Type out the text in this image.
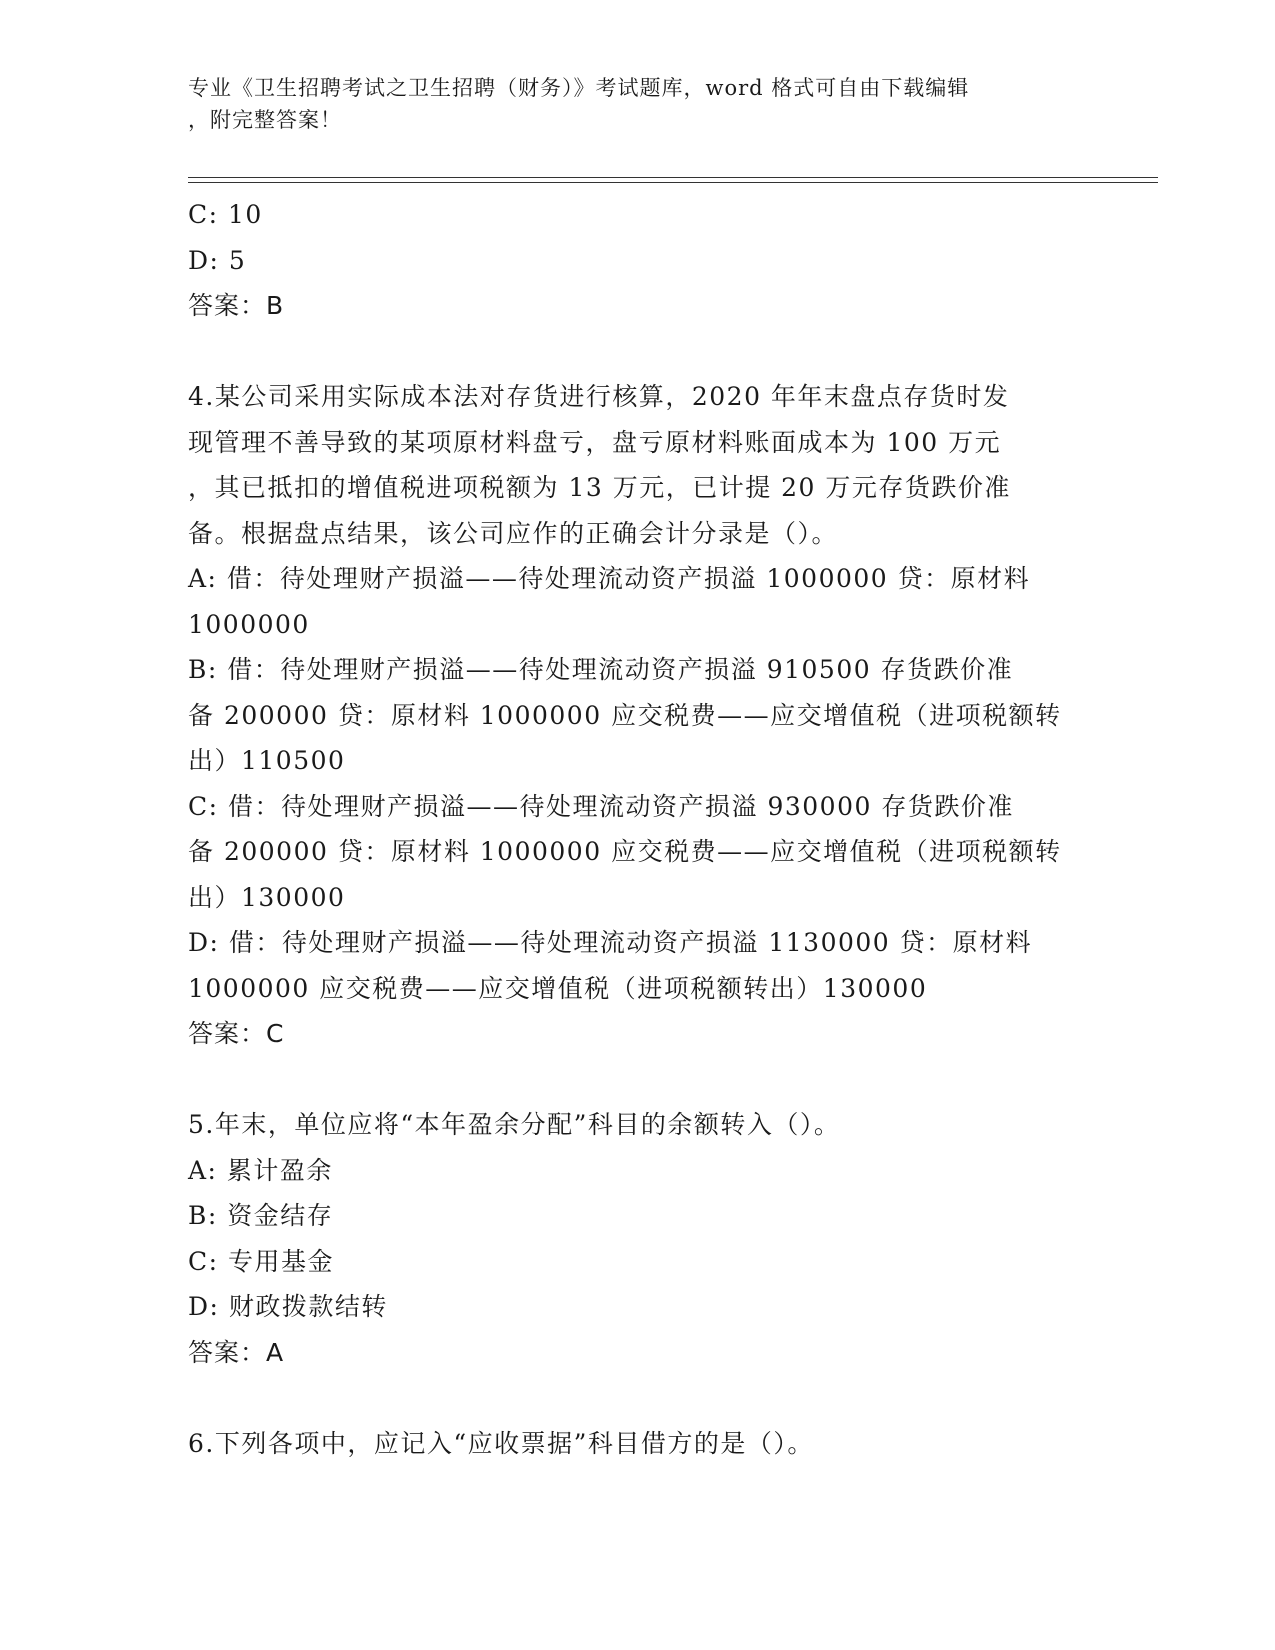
专业《卫生招聘考试之卫生招聘（财务）》考试题库，word 格式可自由下载编辑
，附完整答案！
C: 10
D: 5
答案：B
4.某公司采用实际成本法对存货进行核算，2020 年年末盘点存货时发
现管理不善导致的某项原材料盘亏，盘亏原材料账面成本为 100 万元
，其已抵扣的增值税进项税额为 13 万元，已计提 20 万元存货跌价准
备。根据盘点结果，该公司应作的正确会计分录是（）。
A: 借：待处理财产损溢——待处理流动资产损溢 1000000 贷：原材料
1000000
B: 借：待处理财产损溢——待处理流动资产损溢 910500 存货跌价准
备 200000 贷：原材料 1000000 应交税费——应交增值税（进项税额转
出）110500
C: 借：待处理财产损溢——待处理流动资产损溢 930000 存货跌价准
备 200000 贷：原材料 1000000 应交税费——应交增值税（进项税额转
出）130000
D: 借：待处理财产损溢——待处理流动资产损溢 1130000 贷：原材料
1000000 应交税费——应交增值税（进项税额转出）130000
答案：C
5.年末，单位应将“本年盈余分配”科目的余额转入（）。
A: 累计盈余
B: 资金结存
C: 专用基金
D: 财政拨款结转
答案：A
6.下列各项中，应记入“应收票据”科目借方的是（）。
